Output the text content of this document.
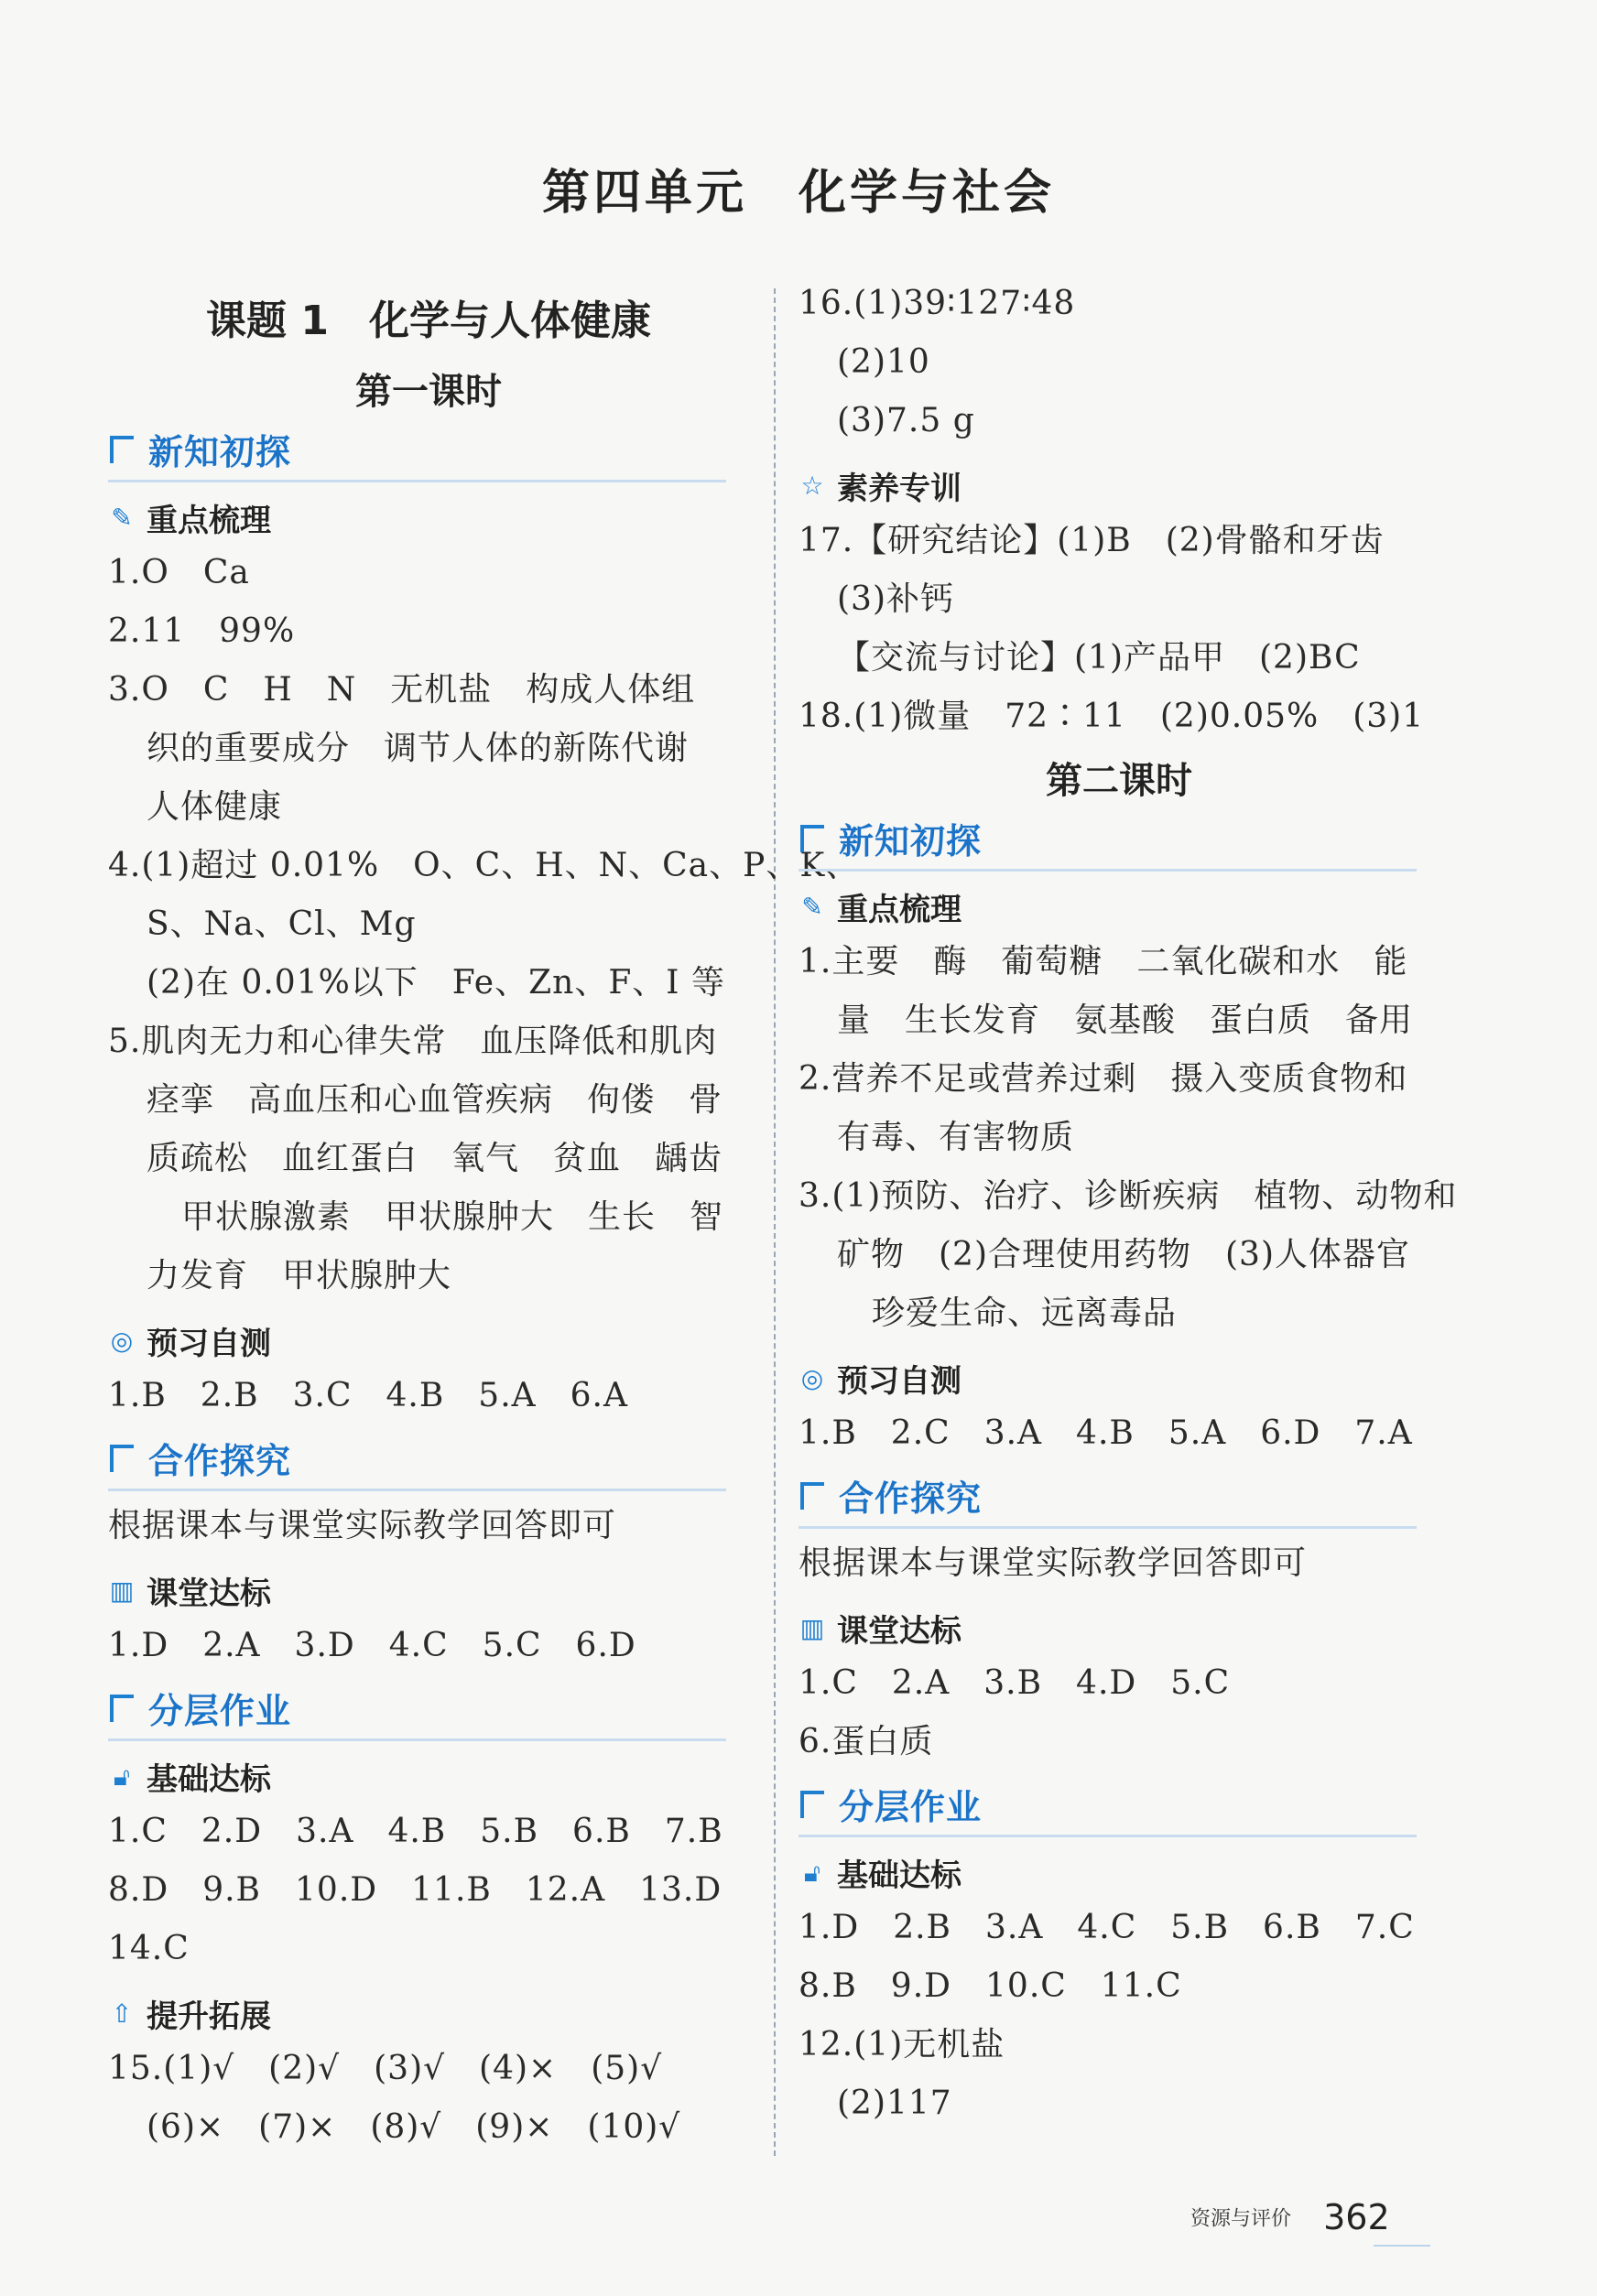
第四单元　化学与社会
课题 1　化学与人体健康
第一课时
新知初探
✎ 重点梳理
1.O　Ca
2.11　99%
3.O　C　H　N　无机盐　构成人体组
织的重要成分　调节人体的新陈代谢
人体健康
4.(1)超过 0.01%　O、C、H、N、Ca、P、K、
S、Na、Cl、Mg
(2)在 0.01%以下　Fe、Zn、F、I 等
5.肌肉无力和心律失常　血压降低和肌肉
痉挛　高血压和心血管疾病　佝偻　骨
质疏松　血红蛋白　氧气　贫血　龋齿
甲状腺激素　甲状腺肿大　生长　智
力发育　甲状腺肿大
◎ 预习自测
1.B　2.B　3.C　4.B　5.A　6.A
合作探究
根据课本与课堂实际教学回答即可
▥ 课堂达标
1.D　2.A　3.D　4.C　5.C　6.D
分层作业
🔓︎ 基础达标
1.C　2.D　3.A　4.B　5.B　6.B　7.B
8.D　9.B　10.D　11.B　12.A　13.D
14.C
⇧ 提升拓展
15.(1)√　(2)√　(3)√　(4)×　(5)√
(6)×　(7)×　(8)√　(9)×　(10)√
16.(1)39∶127∶48
(2)10
(3)7.5 g
☆ 素养专训
17.【研究结论】(1)B　(2)骨骼和牙齿
(3)补钙
【交流与讨论】(1)产品甲　(2)BC
18.(1)微量　72∶11　(2)0.05%　(3)1
第二课时
新知初探
✎ 重点梳理
1.主要　酶　葡萄糖　二氧化碳和水　能
量　生长发育　氨基酸　蛋白质　备用
2.营养不足或营养过剩　摄入变质食物和
有毒、有害物质
3.(1)预防、治疗、诊断疾病　植物、动物和
矿物　(2)合理使用药物　(3)人体器官
珍爱生命、远离毒品
◎ 预习自测
1.B　2.C　3.A　4.B　5.A　6.D　7.A
合作探究
根据课本与课堂实际教学回答即可
▥ 课堂达标
1.C　2.A　3.B　4.D　5.C
6.蛋白质
分层作业
🔓︎ 基础达标
1.D　2.B　3.A　4.C　5.B　6.B　7.C
8.B　9.D　10.C　11.C
12.(1)无机盐
(2)117
资源与评价 362
